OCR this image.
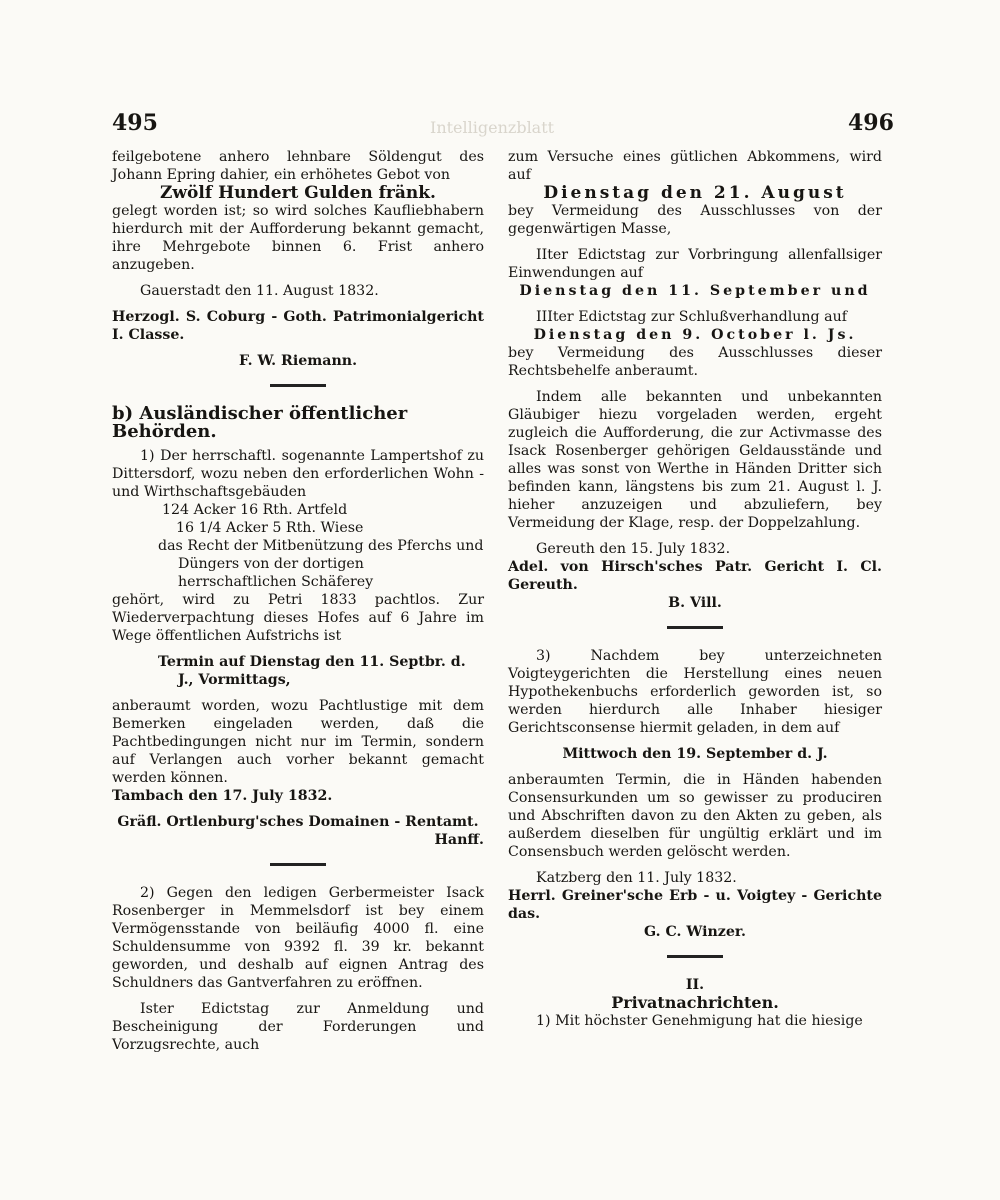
Intelligenzblatt
495	496

feilgebotene anhero lehnbare Söldengut des Johann Epring dahier, ein erhöhetes Gebot von

Zwölf Hundert Gulden fränk.

gelegt worden ist; so wird solches Kaufliebhabern hierdurch mit der Aufforderung bekannt gemacht, ihre Mehrgebote binnen 6. Frist anhero anzugeben.

Gauerstadt den 11. August 1832.

Herzogl. S. Coburg - Goth. Patrimonialgericht I. Classe.

F. W. Riemann.

b) Ausländischer öffentlicher Behörden.

1) Der herrschaftl. sogenannte Lampertshof zu Dittersdorf, wozu neben den erforderlichen Wohn - und Wirthschaftsgebäuden

124 Acker 16 Rth. Artfeld

16 1/4 Acker 5 Rth. Wiese

das Recht der Mitbenützung des Pferchs und Düngers von der dortigen herrschaftlichen Schäferey

gehört, wird zu Petri 1833 pachtlos. Zur Wiederverpachtung dieses Hofes auf 6 Jahre im Wege öffentlichen Aufstrichs ist

Termin auf Dienstag den 11. Septbr. d. J., Vormittags,

anberaumt worden, wozu Pachtlustige mit dem Bemerken eingeladen werden, daß die Pachtbedingungen nicht nur im Termin, sondern auf Verlangen auch vorher bekannt gemacht werden können.

Tambach den 17. July 1832.

Gräfl. Ortlenburg'sches Domainen - Rentamt.

Hanff.

2) Gegen den ledigen Gerbermeister Isack Rosenberger in Memmelsdorf ist bey einem Vermögensstande von beiläufig 4000 fl. eine Schuldensumme von 9392 fl. 39 kr. bekannt geworden, und deshalb auf eignen Antrag des Schuldners das Gantverfahren zu eröffnen.

Ister Edictstag zur Anmeldung und Bescheinigung der Forderungen und Vorzugsrechte, auch

zum Versuche eines gütlichen Abkommens, wird auf

Dienstag den 21. August

bey Vermeidung des Ausschlusses von der gegenwärtigen Masse,

IIter Edictstag zur Vorbringung allenfallsiger Einwendungen auf

Dienstag den 11. September und

IIIter Edictstag zur Schlußverhandlung auf

Dienstag den 9. October l. Js.

bey Vermeidung des Ausschlusses dieser Rechtsbehelfe anberaumt.

Indem alle bekannten und unbekannten Gläubiger hiezu vorgeladen werden, ergeht zugleich die Aufforderung, die zur Activmasse des Isack Rosenberger gehörigen Geldausstände und alles was sonst von Werthe in Händen Dritter sich befinden kann, längstens bis zum 21. August l. J. hieher anzuzeigen und abzuliefern, bey Vermeidung der Klage, resp. der Doppelzahlung.

Gereuth den 15. July 1832.

Adel. von Hirsch'sches Patr. Gericht I. Cl. Gereuth.

B. Vill.

3) Nachdem bey unterzeichneten Voigteygerichten die Herstellung eines neuen Hypothekenbuchs erforderlich geworden ist, so werden hierdurch alle Inhaber hiesiger Gerichtsconsense hiermit geladen, in dem auf

Mittwoch den 19. September d. J.

anberaumten Termin, die in Händen habenden Consensurkunden um so gewisser zu produciren und Abschriften davon zu den Akten zu geben, als außerdem dieselben für ungültig erklärt und im Consensbuch werden gelöscht werden.

Katzberg den 11. July 1832.

Herrl. Greiner'sche Erb - u. Voigtey - Gerichte das.

G. C. Winzer.

II.

Privatnachrichten.

1) Mit höchster Genehmigung hat die hiesige
